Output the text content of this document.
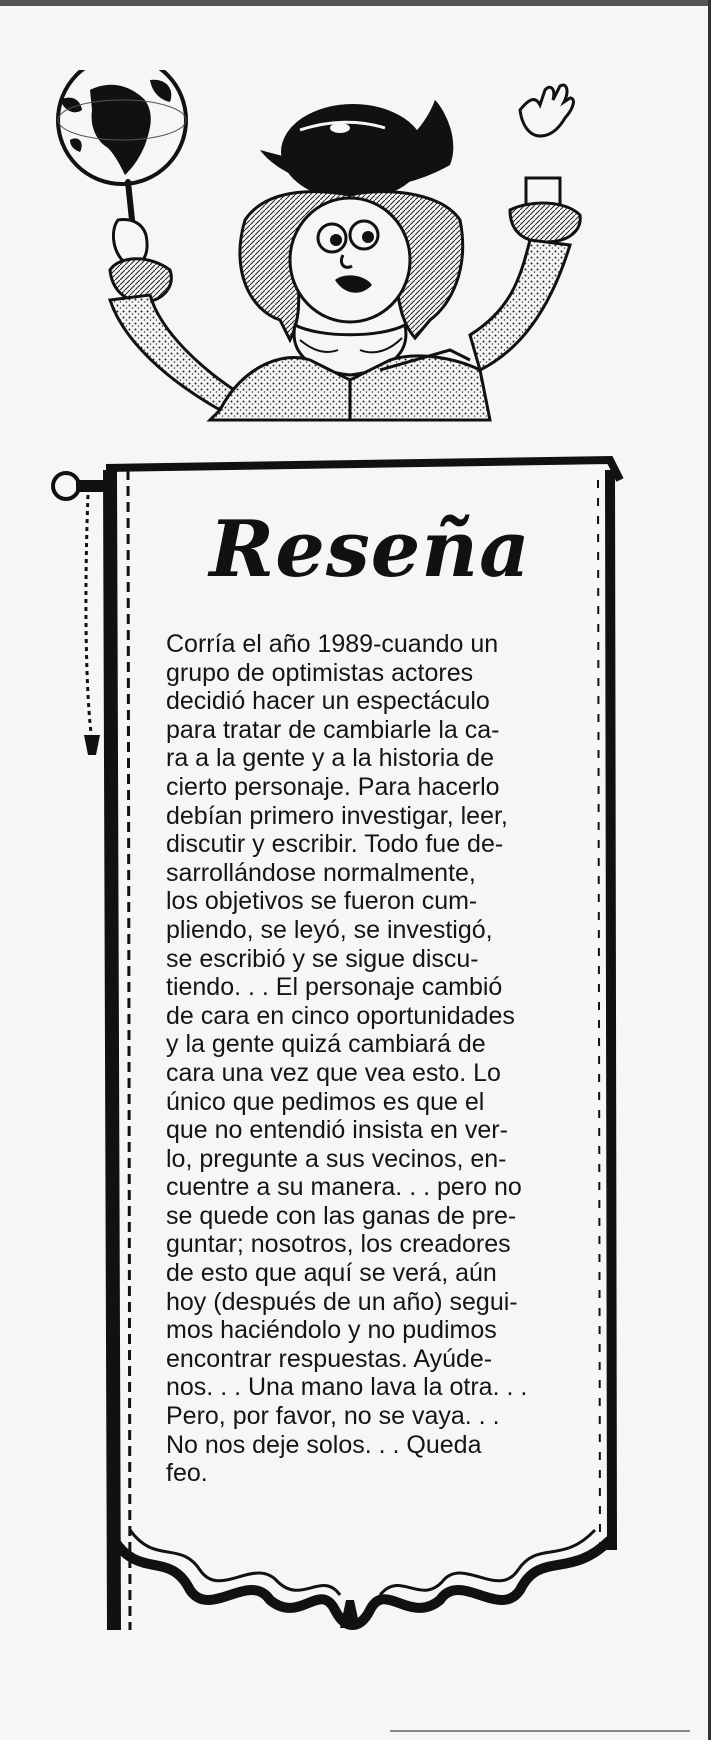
Reseña
Corría el año 1989-cuando un
grupo de optimistas actores
decidió hacer un espectáculo
para tratar de cambiarle la ca-
ra a la gente y a la historia de
cierto personaje. Para hacerlo
debían primero investigar, leer,
discutir y escribir. Todo fue de-
sarrollándose normalmente,
los objetivos se fueron cum-
pliendo, se leyó, se investigó,
se escribió y se sigue discu-
tiendo. . . El personaje cambió
de cara en cinco oportunidades
y la gente quizá cambiará de
cara una vez que vea esto. Lo
único que pedimos es que el
que no entendió insista en ver-
lo, pregunte a sus vecinos, en-
cuentre a su manera. . . pero no
se quede con las ganas de pre-
guntar; nosotros, los creadores
de esto que aquí se verá, aún
hoy (después de un año) segui-
mos haciéndolo y no pudimos
encontrar respuestas. Ayúde-
nos. . . Una mano lava la otra. . .
Pero, por favor, no se vaya. . .
No nos deje solos. . . Queda
feo.
